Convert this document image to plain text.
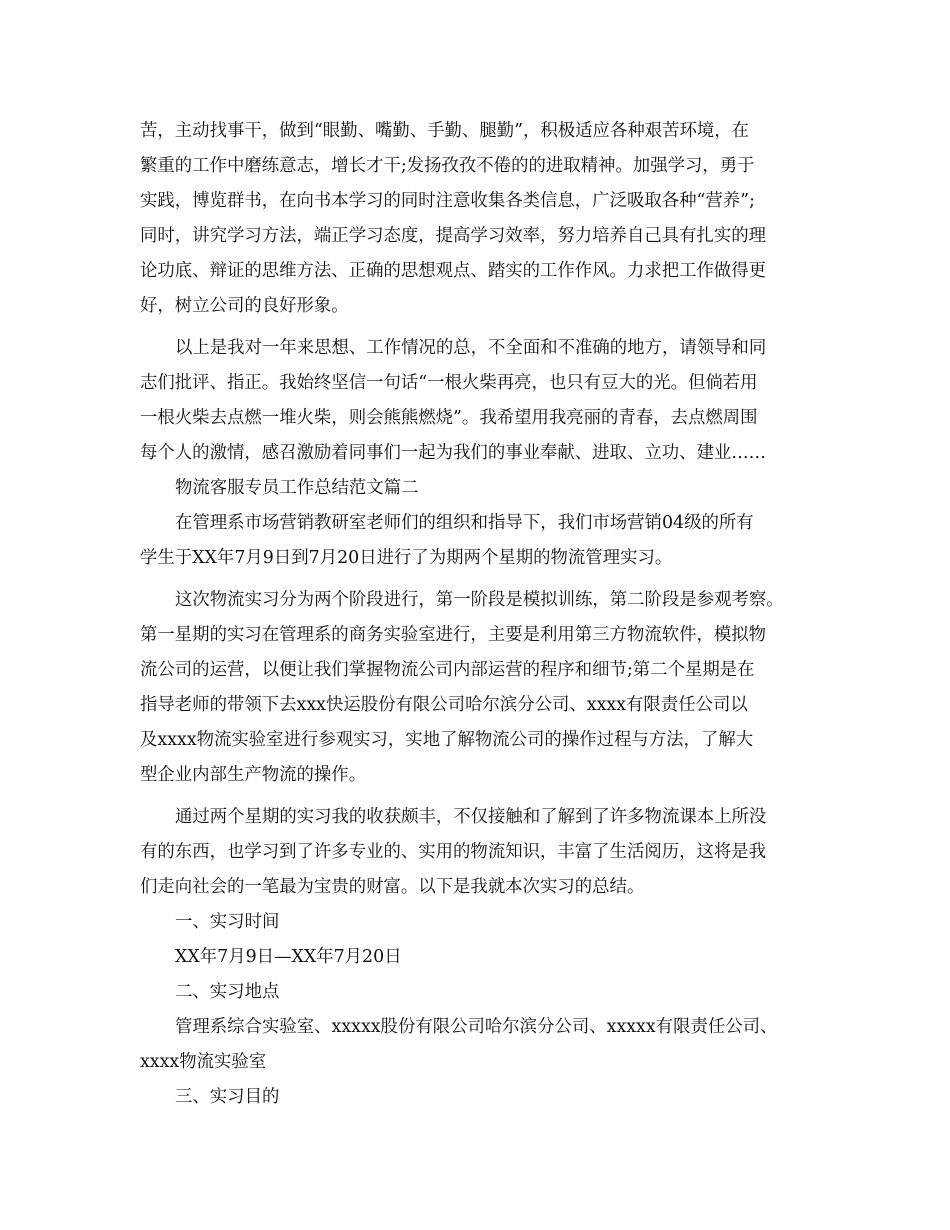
苦，主动找事干，做到“眼勤、嘴勤、手勤、腿勤”，积极适应各种艰苦环境，在
繁重的工作中磨练意志，增长才干;发扬孜孜不倦的的进取精神。加强学习，勇于
实践，博览群书，在向书本学习的同时注意收集各类信息，广泛吸取各种“营养”;
同时，讲究学习方法，端正学习态度，提高学习效率，努力培养自己具有扎实的理
论功底、辩证的思维方法、正确的思想观点、踏实的工作作风。力求把工作做得更
好，树立公司的良好形象。
以上是我对一年来思想、工作情况的总，不全面和不准确的地方，请领导和同
志们批评、指正。我始终坚信一句话“一根火柴再亮，也只有豆大的光。但倘若用
一根火柴去点燃一堆火柴，则会熊熊燃烧”。我希望用我亮丽的青春，去点燃周围
每个人的激情，感召激励着同事们一起为我们的事业奉献、进取、立功、建业……
物流客服专员工作总结范文篇二
在管理系市场营销教研室老师们的组织和指导下，我们市场营销04级的所有
学生于XX年7月9日到7月20日进行了为期两个星期的物流管理实习。
这次物流实习分为两个阶段进行，第一阶段是模拟训练，第二阶段是参观考察。
第一星期的实习在管理系的商务实验室进行，主要是利用第三方物流软件，模拟物
流公司的运营，以便让我们掌握物流公司内部运营的程序和细节;第二个星期是在
指导老师的带领下去xxx快运股份有限公司哈尔滨分公司、xxxx有限责任公司以
及xxxx物流实验室进行参观实习，实地了解物流公司的操作过程与方法，了解大
型企业内部生产物流的操作。
通过两个星期的实习我的收获颇丰，不仅接触和了解到了许多物流课本上所没
有的东西，也学习到了许多专业的、实用的物流知识，丰富了生活阅历，这将是我
们走向社会的一笔最为宝贵的财富。以下是我就本次实习的总结。
一、实习时间
XX年7月9日—XX年7月20日
二、实习地点
管理系综合实验室、xxxxx股份有限公司哈尔滨分公司、xxxxx有限责任公司、
xxxx物流实验室
三、实习目的
